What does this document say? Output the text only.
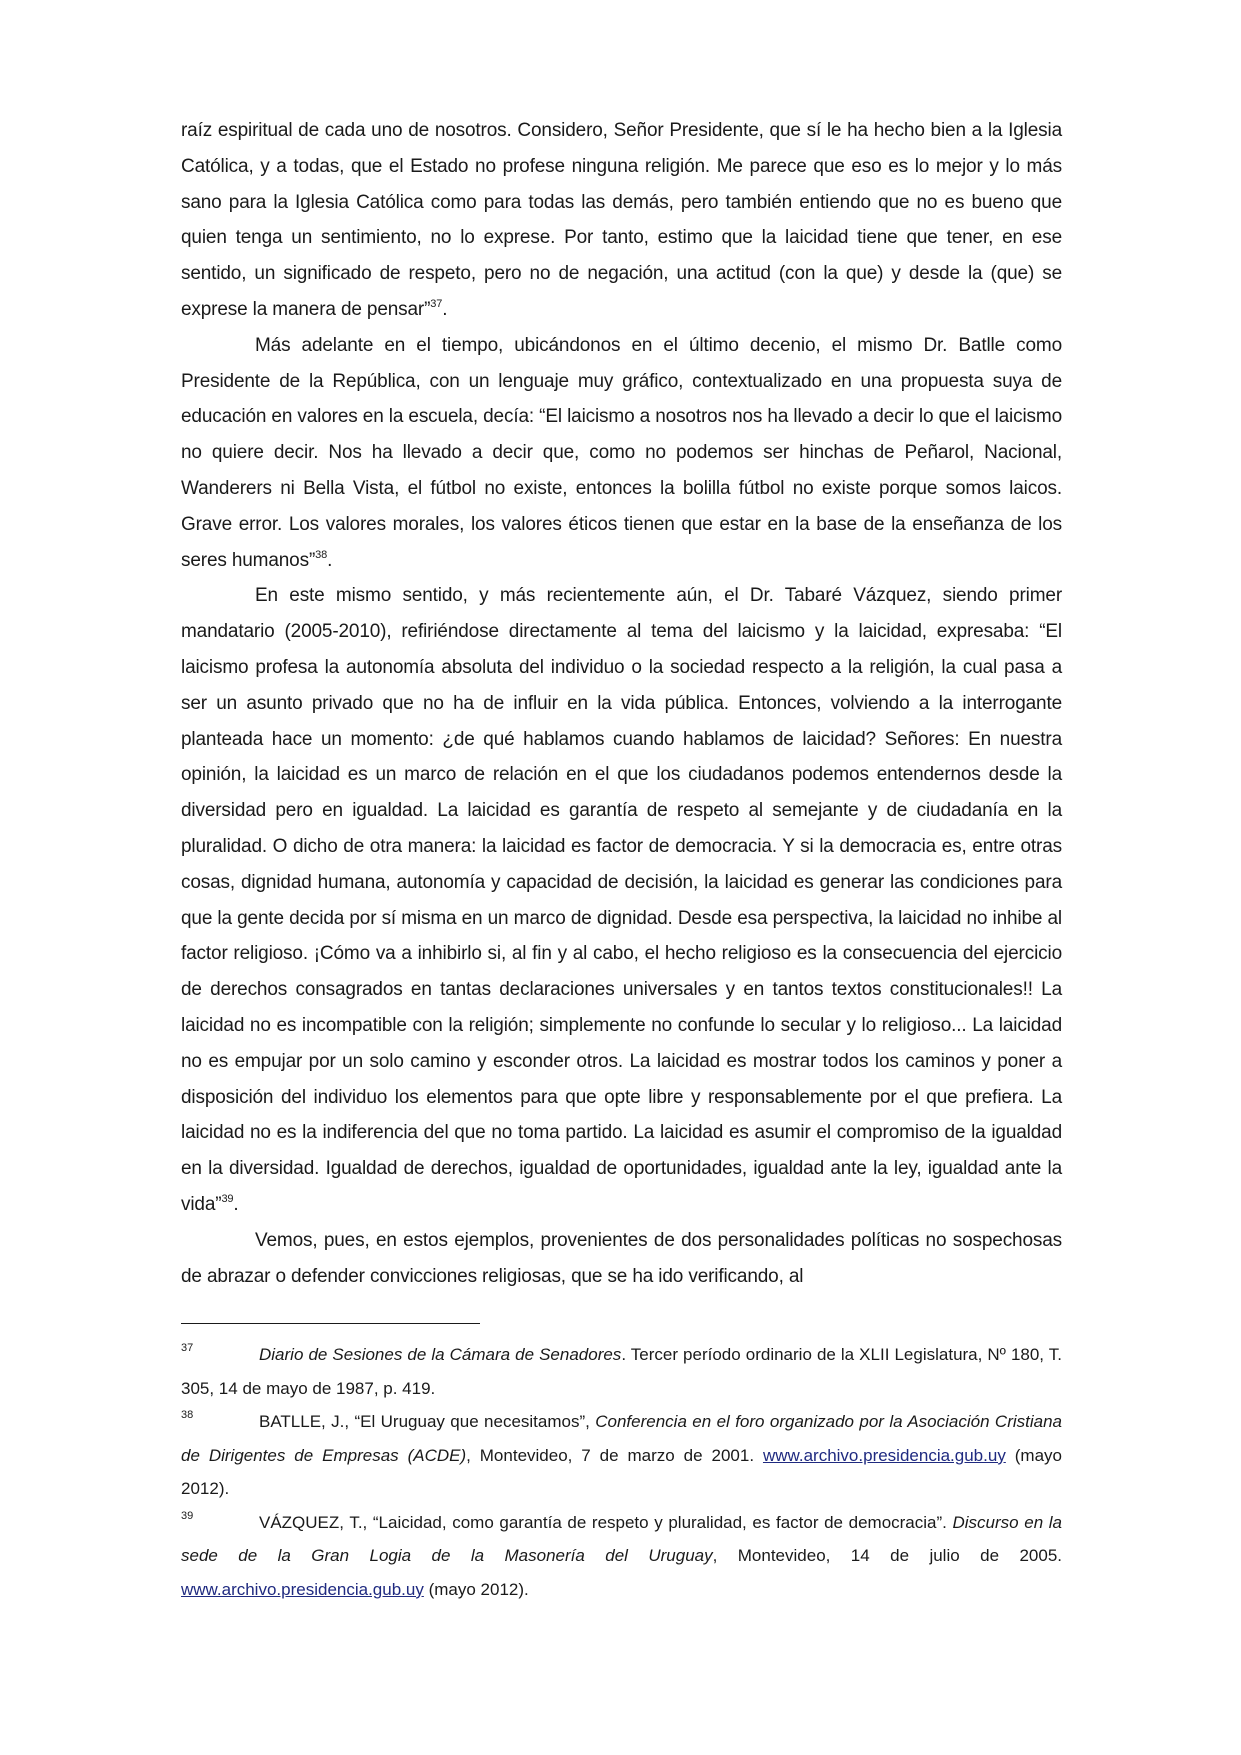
raíz espiritual de cada uno de nosotros. Considero, Señor Presidente, que sí le ha hecho bien a la Iglesia Católica, y a todas, que el Estado no profese ninguna religión. Me parece que eso es lo mejor y lo más sano para la Iglesia Católica como para todas las demás, pero también entiendo que no es bueno que quien tenga un sentimiento, no lo exprese. Por tanto, estimo que la laicidad tiene que tener, en ese sentido, un significado de respeto, pero no de negación, una actitud (con la que) y desde la (que) se exprese la manera de pensar”$^{37}$.

Más adelante en el tiempo, ubicándonos en el último decenio, el mismo Dr. Batlle como Presidente de la República, con un lenguaje muy gráfico, contextualizado en una propuesta suya de educación en valores en la escuela, decía: “El laicismo a nosotros nos ha llevado a decir lo que el laicismo no quiere decir. Nos ha llevado a decir que, como no podemos ser hinchas de Peñarol, Nacional, Wanderers ni Bella Vista, el fútbol no existe, entonces la bolilla fútbol no existe porque somos laicos. Grave error. Los valores morales, los valores éticos tienen que estar en la base de la enseñanza de los seres humanos”$^{38}$.

En este mismo sentido, y más recientemente aún, el Dr. Tabaré Vázquez, siendo primer mandatario (2005-2010), refiriéndose directamente al tema del laicismo y la laicidad, expresaba: “El laicismo profesa la autonomía absoluta del individuo o la sociedad respecto a la religión, la cual pasa a ser un asunto privado que no ha de influir en la vida pública. Entonces, volviendo a la interrogante planteada hace un momento: ¿de qué hablamos cuando hablamos de laicidad? Señores: En nuestra opinión, la laicidad es un marco de relación en el que los ciudadanos podemos entendernos desde la diversidad pero en igualdad. La laicidad es garantía de respeto al semejante y de ciudadanía en la pluralidad. O dicho de otra manera: la laicidad es factor de democracia. Y si la democracia es, entre otras cosas, dignidad humana, autonomía y capacidad de decisión, la laicidad es generar las condiciones para que la gente decida por sí misma en un marco de dignidad. Desde esa perspectiva, la laicidad no inhibe al factor religioso. ¡Cómo va a inhibirlo si, al fin y al cabo, el hecho religioso es la consecuencia del ejercicio de derechos consagrados en tantas declaraciones universales y en tantos textos constitucionales!! La laicidad no es incompatible con la religión; simplemente no confunde lo secular y lo religioso... La laicidad no es empujar por un solo camino y esconder otros. La laicidad es mostrar todos los caminos y poner a disposición del individuo los elementos para que opte libre y responsablemente por el que prefiera. La laicidad no es la indiferencia del que no toma partido. La laicidad es asumir el compromiso de la igualdad en la diversidad. Igualdad de derechos, igualdad de oportunidades, igualdad ante la ley, igualdad ante la vida”$^{39}$.

Vemos, pues, en estos ejemplos, provenientes de dos personalidades políticas no sospechosas de abrazar o defender convicciones religiosas, que se ha ido verificando, al

37	Diario de Sesiones de la Cámara de Senadores. Tercer período ordinario de la XLII Legislatura, Nº 180, T. 305, 14 de mayo de 1987, p. 419.

38	BATLLE, J., “El Uruguay que necesitamos”, Conferencia en el foro organizado por la Asociación Cristiana de Dirigentes de Empresas (ACDE), Montevideo, 7 de marzo de 2001. www.archivo.presidencia.gub.uy (mayo 2012).

39	VÁZQUEZ, T., “Laicidad, como garantía de respeto y pluralidad, es factor de democracia”. Discurso en la sede de la Gran Logia de la Masonería del Uruguay, Montevideo, 14 de julio de 2005. www.archivo.presidencia.gub.uy (mayo 2012).
